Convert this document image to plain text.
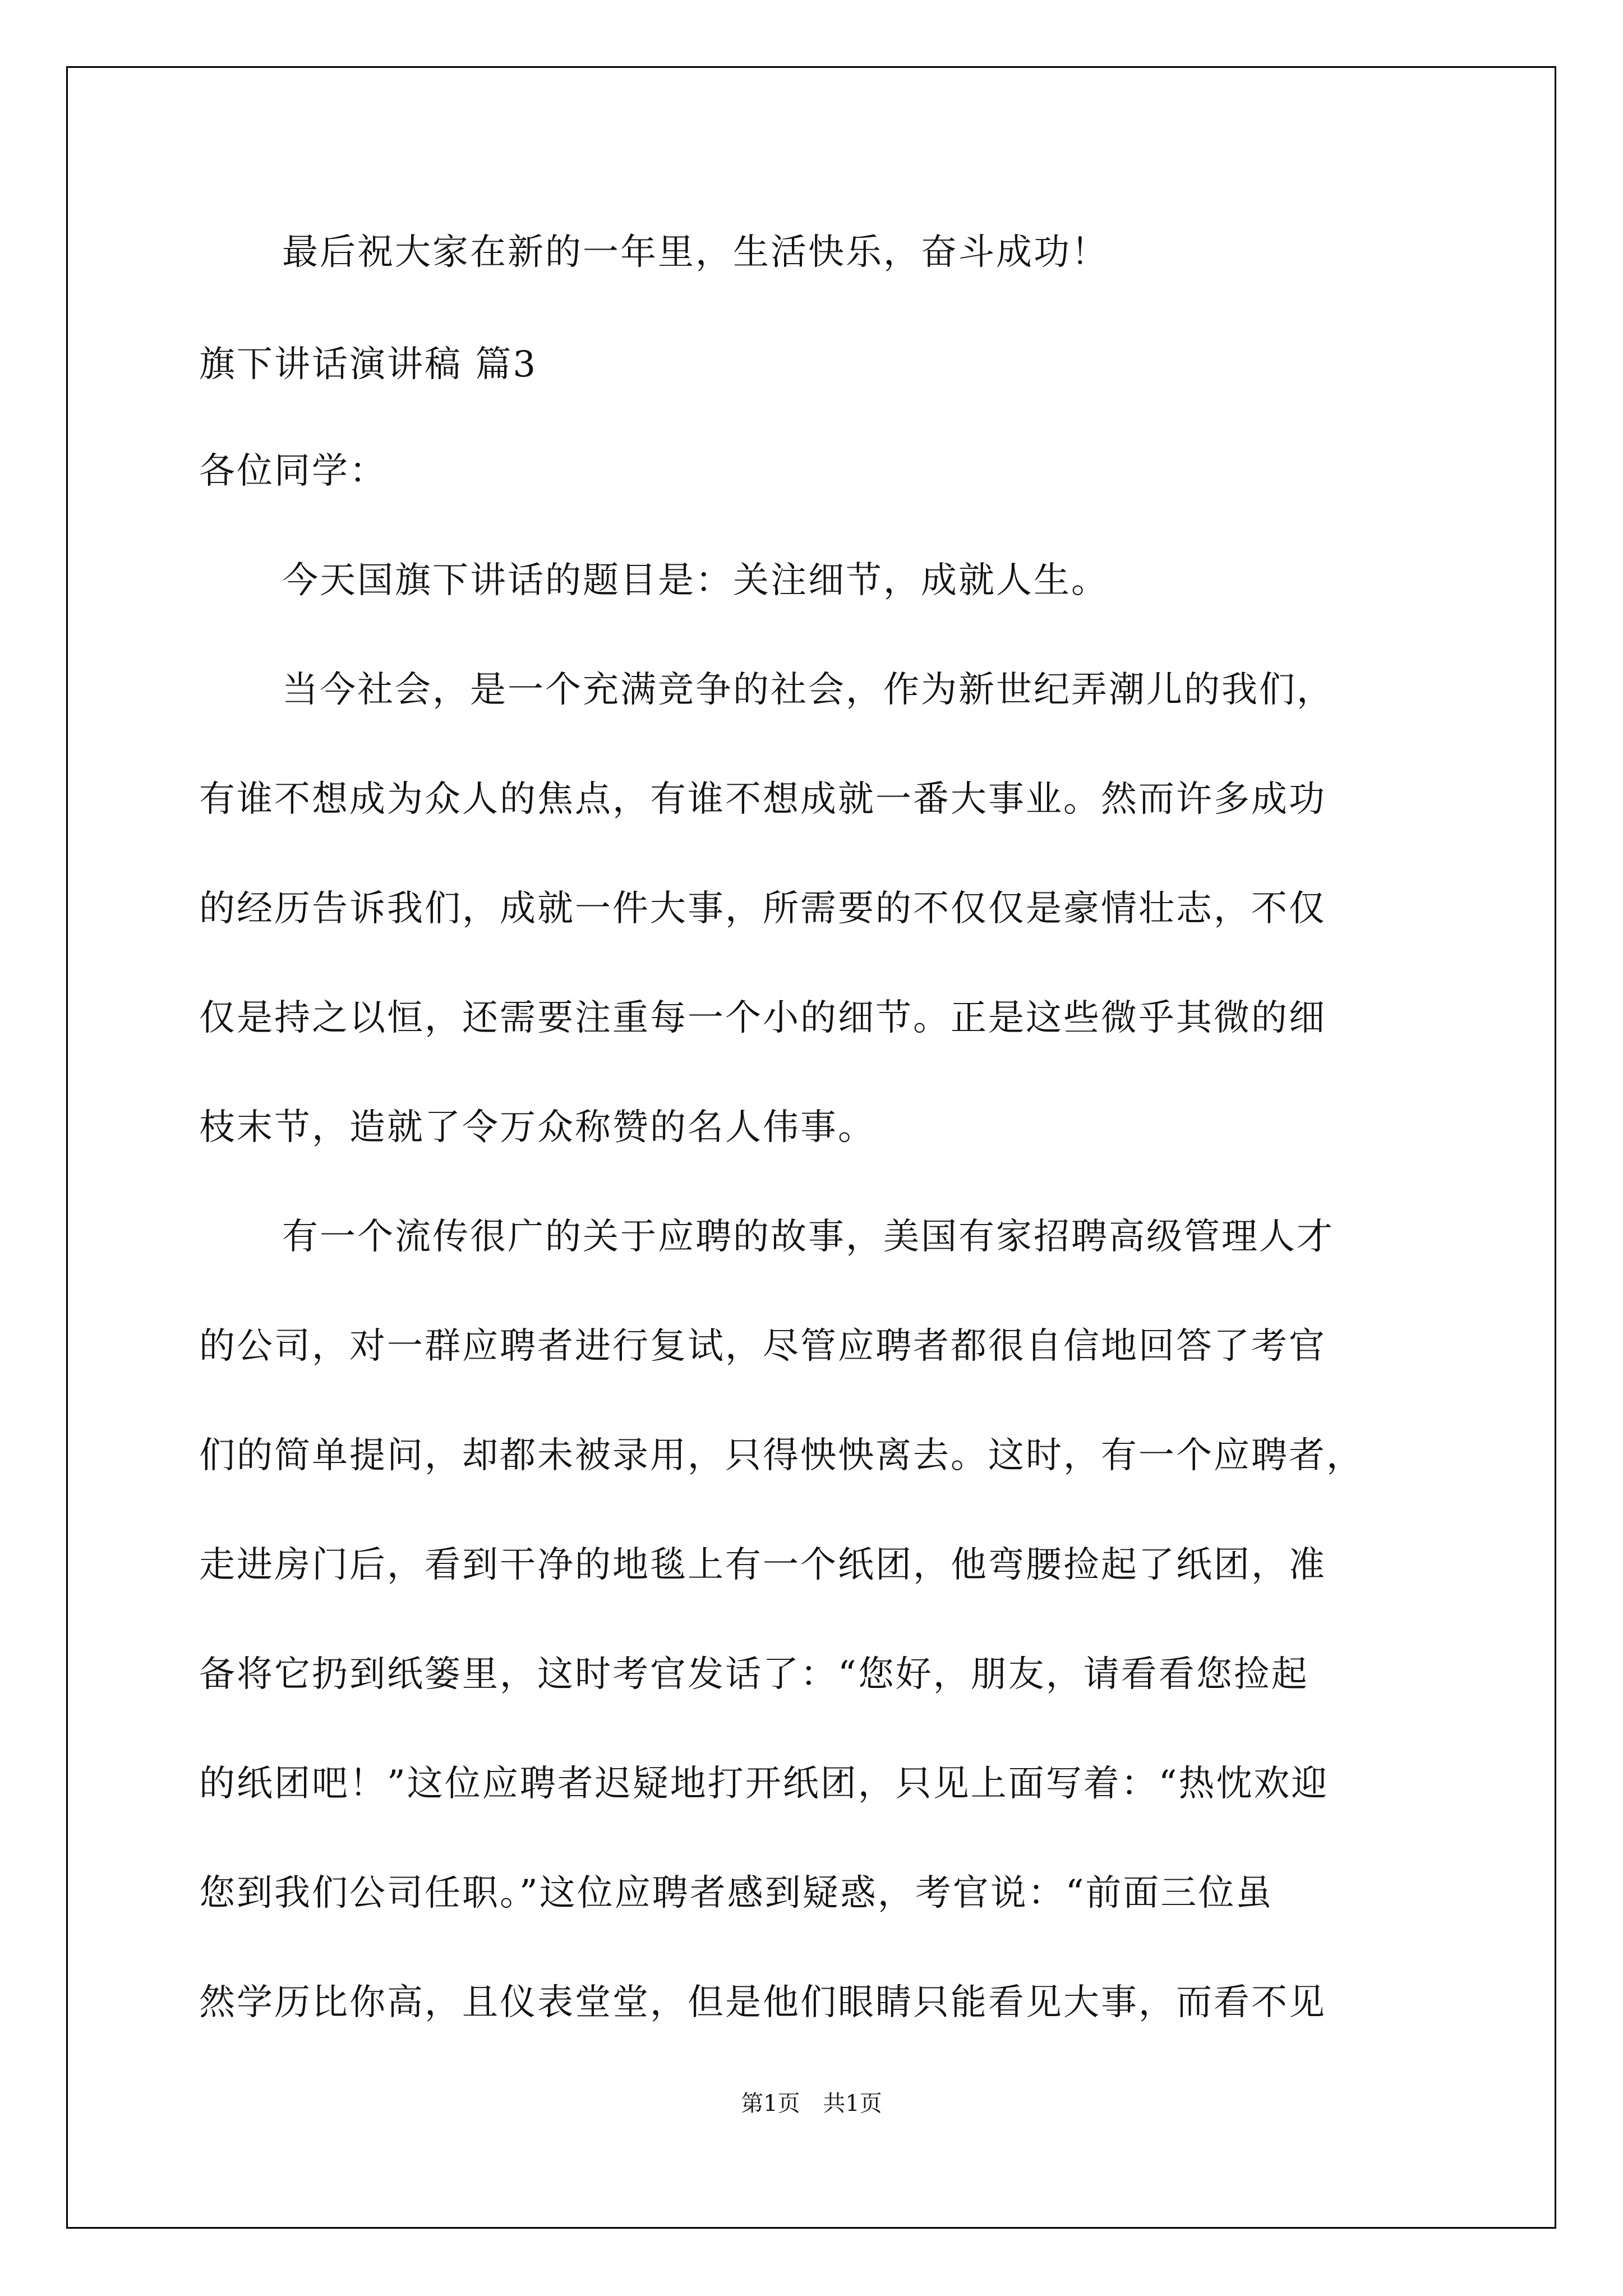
最后祝大家在新的一年里，生活快乐，奋斗成功！
旗下讲话演讲稿 篇3
各位同学：
今天国旗下讲话的题目是：关注细节，成就人生。
当今社会，是一个充满竞争的社会，作为新世纪弄潮儿的我们，
有谁不想成为众人的焦点，有谁不想成就一番大事业。然而许多成功
的经历告诉我们，成就一件大事，所需要的不仅仅是豪情壮志，不仅
仅是持之以恒，还需要注重每一个小的细节。正是这些微乎其微的细
枝末节，造就了令万众称赞的名人伟事。
有一个流传很广的关于应聘的故事，美国有家招聘高级管理人才
的公司，对一群应聘者进行复试，尽管应聘者都很自信地回答了考官
们的简单提问，却都未被录用，只得怏怏离去。这时，有一个应聘者，
走进房门后，看到干净的地毯上有一个纸团，他弯腰捡起了纸团，准
备将它扔到纸篓里，这时考官发话了：“您好，朋友，请看看您捡起
的纸团吧！”这位应聘者迟疑地打开纸团，只见上面写着：“热忱欢迎
您到我们公司任职。”这位应聘者感到疑惑，考官说：“前面三位虽
然学历比你高，且仪表堂堂，但是他们眼睛只能看见大事，而看不见
第1页 共1页
